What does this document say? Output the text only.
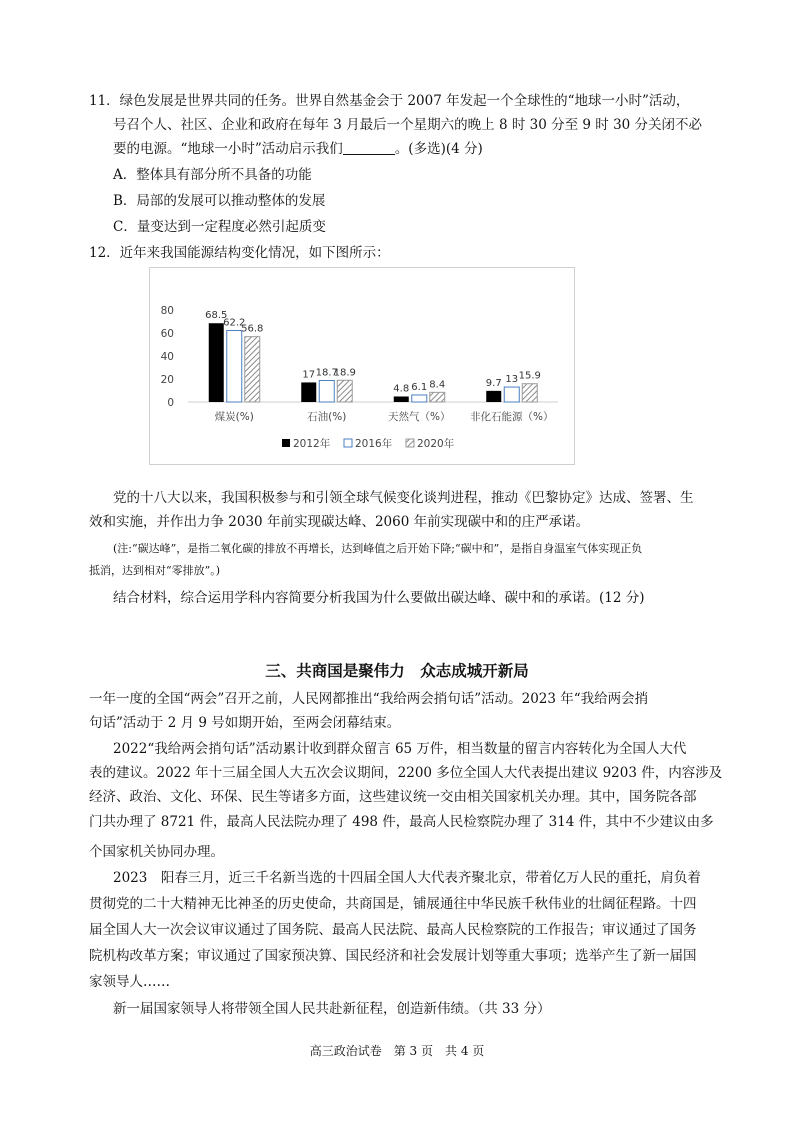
11．绿色发展是世界共同的任务。世界自然基金会于 2007 年发起一个全球性的“地球一小时”活动，
号召个人、社区、企业和政府在每年 3 月最后一个星期六的晚上 8 时 30 分至 9 时 30 分关闭不必
要的电源。“地球一小时”活动启示我们	。(多选)(4 分)
A．整体具有部分所不具备的功能
B．局部的发展可以推动整体的发展
C．量变达到一定程度必然引起质变
12．近年来我国能源结构变化情况，如下图所示：
0
20
40
60
80	68.5
62.2
56.8
煤炭(%)
17 18.7
18.9
石油(%)
4.8 6.1 8.4
天然气（%）
9.7 13 15.9
非化石能源（%）
2012年 2016年 2020年
党的十八大以来，我国积极参与和引领全球气候变化谈判进程，推动《巴黎协定》达成、签署、生
效和实施，并作出力争 2030 年前实现碳达峰、2060 年前实现碳中和的庄严承诺。
(注:“碳达峰”，是指二氧化碳的排放不再增长，达到峰值之后开始下降;“碳中和”，是指自身温室气体实现正负
抵消，达到相对“零排放”。)
结合材料，综合运用学科内容简要分析我国为什么要做出碳达峰、碳中和的承诺。(12 分)
三、共商国是聚伟力　众志成城开新局
一年一度的全国“两会”召开之前，人民网都推出“我给两会捎句话”活动。2023 年“我给两会捎
句话”活动于 2 月 9 号如期开始，至两会闭幕结束。
2022“我给两会捎句话”活动累计收到群众留言 65 万件，相当数量的留言内容转化为全国人大代
表的建议。2022 年十三届全国人大五次会议期间，2200 多位全国人大代表提出建议 9203 件，内容涉及
经济、政治、文化、环保、民生等诸多方面，这些建议统一交由相关国家机关办理。其中，国务院各部
门共办理了 8721 件，最高人民法院办理了 498 件，最高人民检察院办理了 314 件，其中不少建议由多
个国家机关协同办理。
2023　阳春三月，近三千名新当选的十四届全国人大代表齐聚北京，带着亿万人民的重托，肩负着
贯彻党的二十大精神无比神圣的历史使命，共商国是，铺展通往中华民族千秋伟业的壮阔征程路。十四
届全国人大一次会议审议通过了国务院、最高人民法院、最高人民检察院的工作报告；审议通过了国务
院机构改革方案；审议通过了国家预决算、国民经济和社会发展计划等重大事项；选举产生了新一届国
家领导人……
新一届国家领导人将带领全国人民共赴新征程，创造新伟绩。（共 33 分）
高三政治试卷　第 3 页　共 4 页
